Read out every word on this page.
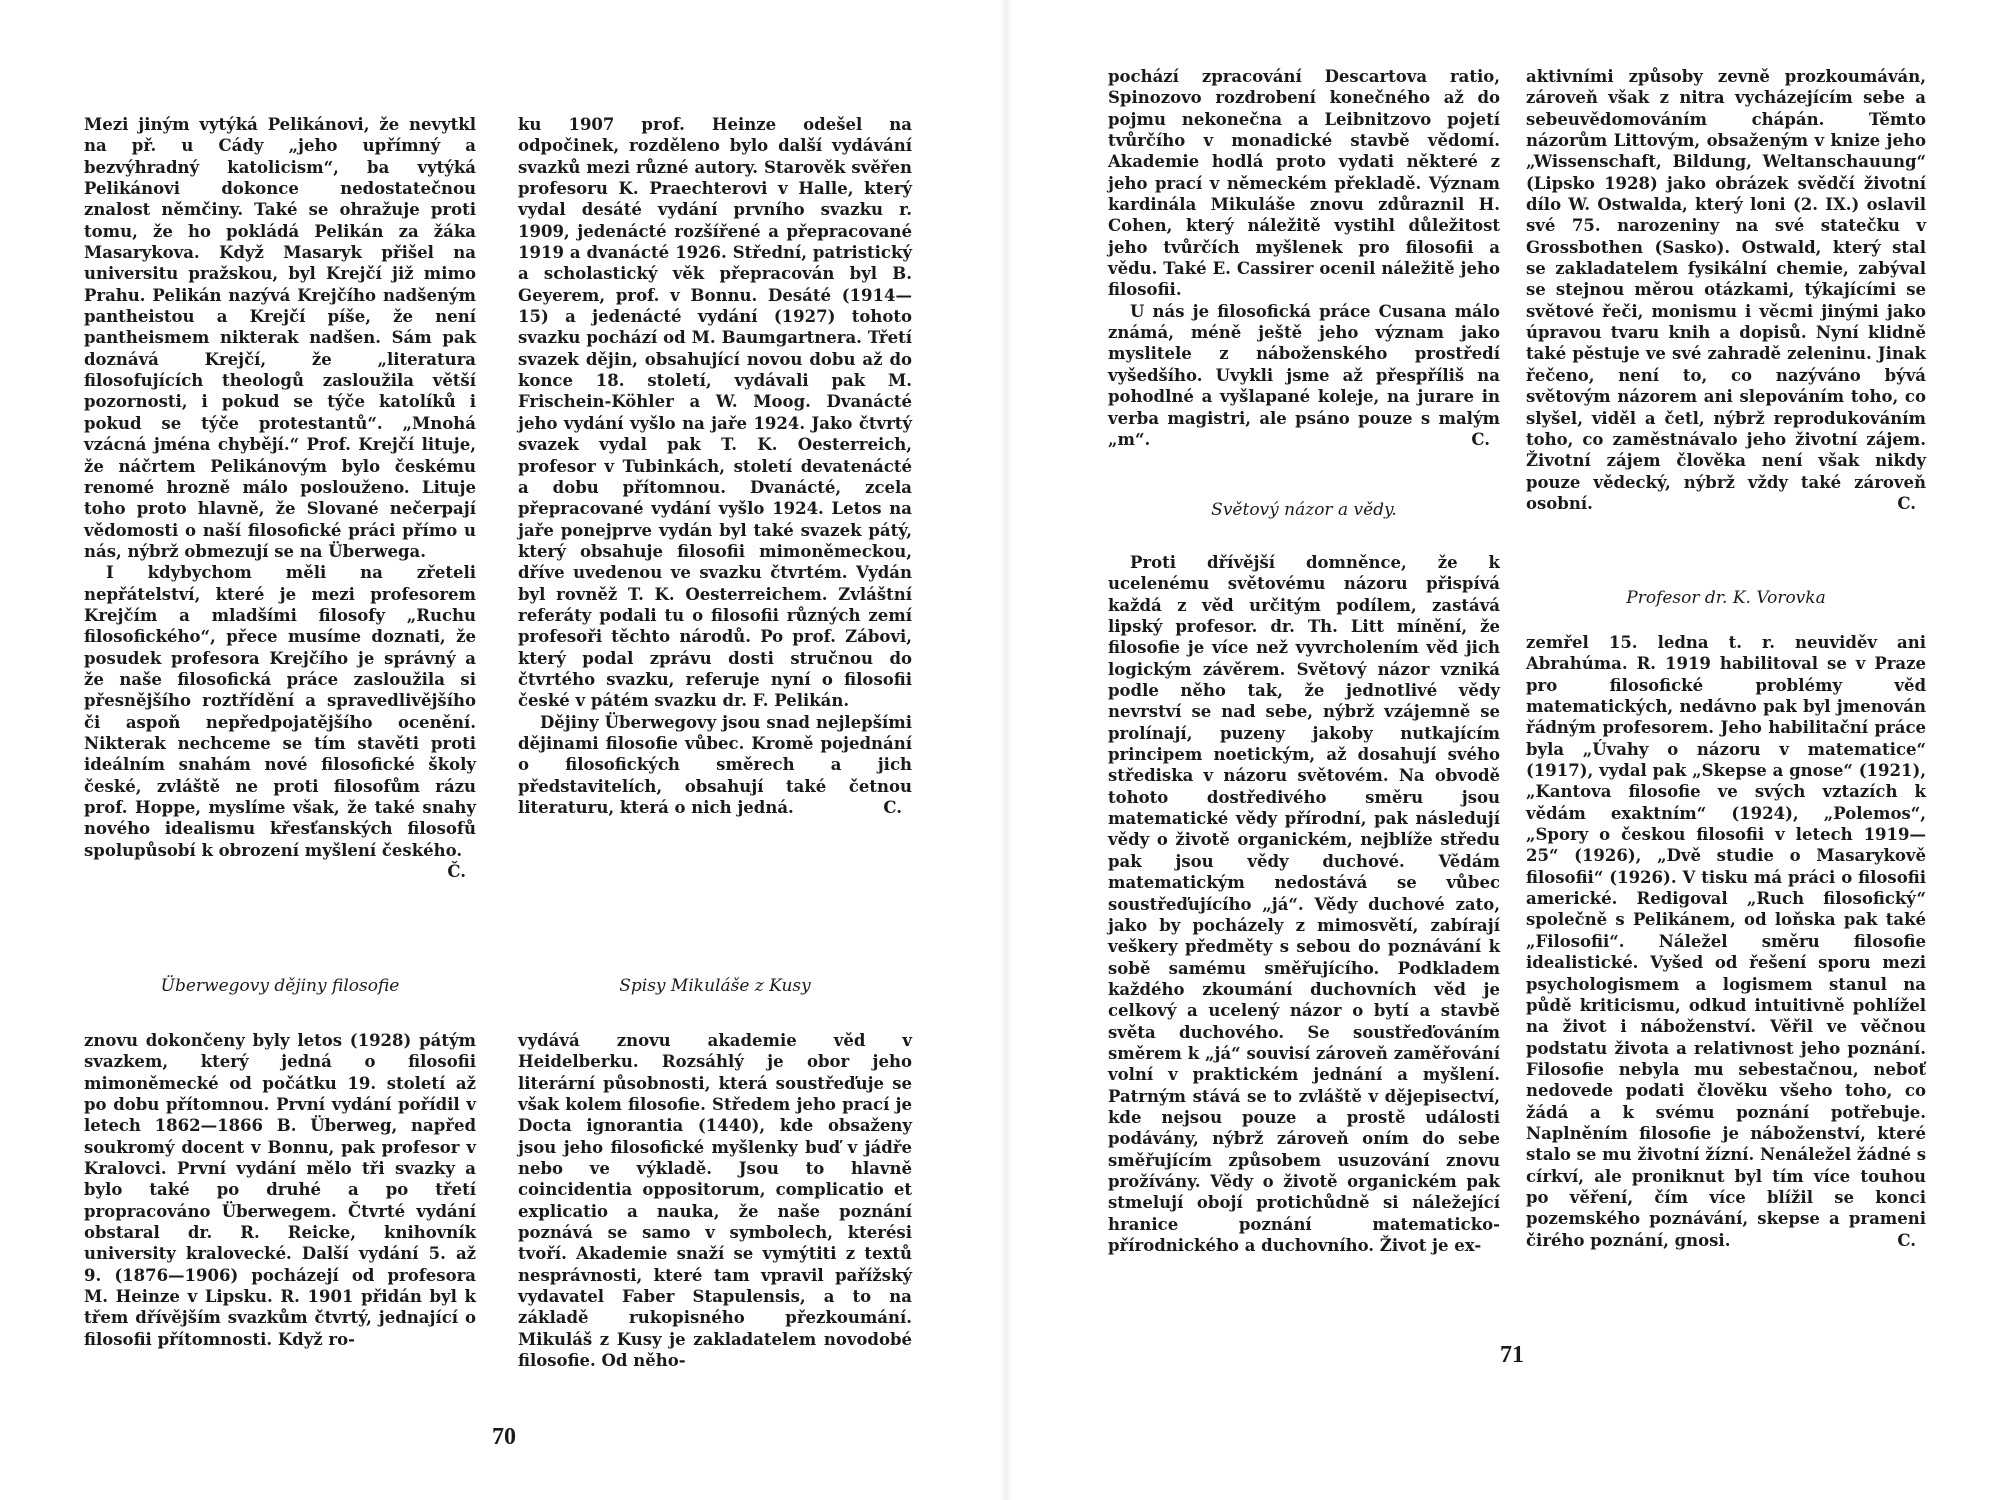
Mezi jiným vytýká Pelikánovi, že nevytkl na př. u Cády „jeho upřímný a bezvýhradný katolicism“, ba vytýká Pelikánovi dokonce nedostatečnou znalost němčiny. Také se ohražuje proti tomu, že ho pokládá Pelikán za žáka Masarykova. Když Masaryk přišel na universitu pražskou, byl Krejčí již mimo Prahu. Pelikán nazývá Krejčího nadšeným pantheistou a Krejčí píše, že není pantheismem nikterak nadšen. Sám pak doznává Krejčí, že „literatura filosofujících theologů zasloužila větší pozornosti, i pokud se týče katolíků i pokud se týče protestantů“. „Mnohá vzácná jména chybějí.“ Prof. Krejčí lituje, že náčrtem Pelikánovým bylo českému renomé hrozně málo poslouženo. Lituje toho proto hlavně, že Slované nečerpají vědomosti o naší filosofické práci přímo u nás, nýbrž obmezují se na Überwega.

I kdybychom měli na zřeteli nepřátelství, které je mezi profesorem Krejčím a mladšími filosofy „Ruchu filosofického“, přece musíme doznati, že posudek profesora Krejčího je správný a že naše filosofická práce zasloužila si přesnějšího roztřídění a spravedlivějšího či aspoň nepředpojatějšího ocenění. Nikterak nechceme se tím stavěti proti ideálním snahám nové filosofické školy české, zvláště ne proti filosofům rázu prof. Hoppe, myslíme však, že také snahy nového idealismu křesťanských filosofů spolupůsobí k obrození myšlení českého.
Č.

ku 1907 prof. Heinze odešel na odpočinek, rozděleno bylo další vydávání svazků mezi různé autory. Starověk svěřen profesoru K. Praechterovi v Halle, který vydal desáté vydání prvního svazku r. 1909, jedenácté rozšířené a přepracované 1919 a dvanácté 1926. Střední, patristický a scholastický věk přepracován byl B. Geyerem, prof. v Bonnu. Desáté (1914—15) a jedenácté vydání (1927) tohoto svazku pochází od M. Baumgartnera. Třetí svazek dějin, obsahující novou dobu až do konce 18. století, vydávali pak M. Frischein-Köhler a W. Moog. Dvanácté jeho vydání vyšlo na jaře 1924. Jako čtvrtý svazek vydal pak T. K. Oesterreich, profesor v Tubinkách, století devatenácté a dobu přítomnou. Dvanácté, zcela přepracované vydání vyšlo 1924. Letos na jaře ponejprve vydán byl také svazek pátý, který obsahuje filosofii mimoněmeckou, dříve uvedenou ve svazku čtvrtém. Vydán byl rovněž T. K. Oesterreichem. Zvláštní referáty podali tu o filosofii různých zemí profesoři těchto národů. Po prof. Zábovi, který podal zprávu dosti stručnou do čtvrtého svazku, referuje nyní o filosofii české v pátém svazku dr. F. Pelikán.

Dějiny Überwegovy jsou snad nejlepšími dějinami filosofie vůbec. Kromě pojednání o filosofických směrech a jich představitelích, obsahují také četnou literaturu, která o nich jedná.	C.

Überwegovy dějiny filosofie	Spisy Mikuláše z Kusy

znovu dokončeny byly letos (1928) pátým svazkem, který jedná o filosofii mimoněmecké od počátku 19. století až po dobu přítomnou. První vydání pořídil v letech 1862—1866 B. Überweg, napřed soukromý docent v Bonnu, pak profesor v Kralovci. První vydání mělo tři svazky a bylo také po druhé a po třetí propracováno Überwegem. Čtvrté vydání obstaral dr. R. Reicke, knihovník university kralovecké. Další vydání 5. až 9. (1876—1906) pocházejí od profesora M. Heinze v Lipsku. R. 1901 přidán byl k třem dřívějším svazkům čtvrtý, jednající o filosofii přítomnosti. Když ro-

vydává znovu akademie věd v Heidelberku. Rozsáhlý je obor jeho literární působnosti, která soustřeďuje se však kolem filosofie. Středem jeho prací je Docta ignorantia (1440), kde obsaženy jsou jeho filosofické myšlenky buď v jádře nebo ve výkladě. Jsou to hlavně coincidentia oppositorum, complicatio et explicatio a nauka, že naše poznání poznává se samo v symbolech, kterési tvoří. Akademie snaží se vymýtiti z textů nesprávnosti, které tam vpravil pařížský vydavatel Faber Stapulensis, a to na základě rukopisného přezkoumání. Mikuláš z Kusy je zakladatelem novodobé filosofie. Od něho-

70

pochází zpracování Descartova ratio, Spinozovo rozdrobení konečného až do pojmu nekonečna a Leibnitzovo pojetí tvůrčího v monadické stavbě vědomí. Akademie hodlá proto vydati některé z jeho prací v německém překladě. Význam kardinála Mikuláše znovu zdůraznil H. Cohen, který náležitě vystihl důležitost jeho tvůrčích myšlenek pro filosofii a vědu. Také E. Cassirer ocenil náležitě jeho filosofii.

U nás je filosofická práce Cusana málo známá, méně ještě jeho význam jako myslitele z náboženského prostředí vyšedšího. Uvykli jsme až přespříliš na pohodlné a vyšlapané koleje, na jurare in verba magistri, ale psáno pouze s malým „m“.	C.

Světový názor a vědy.

Proti dřívější domněnce, že k ucelenému světovému názoru přispívá každá z věd určitým podílem, zastává lipský profesor. dr. Th. Litt mínění, že filosofie je více než vyvrcholením věd jich logickým závěrem. Světový názor vzniká podle něho tak, že jednotlivé vědy nevrství se nad sebe, nýbrž vzájemně se prolínají, puzeny jakoby nutkajícím principem noetickým, až dosahují svého střediska v názoru světovém. Na obvodě tohoto dostředivého směru jsou matematické vědy přírodní, pak následují vědy o životě organickém, nejblíže středu pak jsou vědy duchové. Vědám matematickým nedostává se vůbec soustřeďujícího „já“. Vědy duchové zato, jako by pocházely z mimosvětí, zabírají veškery předměty s sebou do poznávání k sobě samému směřujícího. Podkladem každého zkoumání duchovních věd je celkový a ucelený názor o bytí a stavbě světa duchového. Se soustřeďováním směrem k „já“ souvisí zároveň zaměřování volní v praktickém jednání a myšlení. Patrným stává se to zvláště v dějepisectví, kde nejsou pouze a prostě události podávány, nýbrž zároveň oním do sebe směřujícím způsobem usuzování znovu prožívány. Vědy o životě organickém pak stmelují obojí protichůdně si náležející hranice poznání matematicko-přírodnického a duchovního. Život je ex-

aktivními způsoby zevně prozkoumáván, zároveň však z nitra vycházejícím sebe a sebeuvědomováním chápán. Těmto názorům Littovým, obsaženým v knize jeho „Wissenschaft, Bildung, Weltanschauung“ (Lipsko 1928) jako obrázek svědčí životní dílo W. Ostwalda, který loni (2. IX.) oslavil své 75. narozeniny na své statečku v Grossbothen (Sasko). Ostwald, který stal se zakladatelem fysikální chemie, zabýval se stejnou měrou otázkami, týkajícími se světové řeči, monismu i věcmi jinými jako úpravou tvaru knih a dopisů. Nyní klidně také pěstuje ve své zahradě zeleninu. Jinak řečeno, není to, co nazýváno bývá světovým názorem ani slepováním toho, co slyšel, viděl a četl, nýbrž reprodukováním toho, co zaměstnávalo jeho životní zájem. Životní zájem člověka není však nikdy pouze vědecký, nýbrž vždy také zároveň osobní.	C.

Profesor dr. K. Vorovka

zemřel 15. ledna t. r. neuviděv ani Abrahúma. R. 1919 habilitoval se v Praze pro filosofické problémy věd matematických, nedávno pak byl jmenován řádným profesorem. Jeho habilitační práce byla „Úvahy o názoru v matematice“ (1917), vydal pak „Skepse a gnose“ (1921), „Kantova filosofie ve svých vztazích k vědám exaktním“ (1924), „Polemos“, „Spory o českou filosofii v letech 1919—25“ (1926), „Dvě studie o Masarykově filosofii“ (1926). V tisku má práci o filosofii americké. Redigoval „Ruch filosofický“ společně s Pelikánem, od loňska pak také „Filosofii“. Náležel směru filosofie idealistické. Vyšed od řešení sporu mezi psychologismem a logismem stanul na půdě kriticismu, odkud intuitivně pohlížel na život i náboženství. Věřil ve věčnou podstatu života a relativnost jeho poznání. Filosofie nebyla mu sebestačnou, neboť nedovede podati člověku všeho toho, co žádá a k svému poznání potřebuje. Naplněním filosofie je náboženství, které stalo se mu životní žízní. Nenáležel žádné s církví, ale proniknut byl tím více touhou po věření, čím více blížil se konci pozemského poznávání, skepse a prameni čirého poznání, gnosi.	C.

71
